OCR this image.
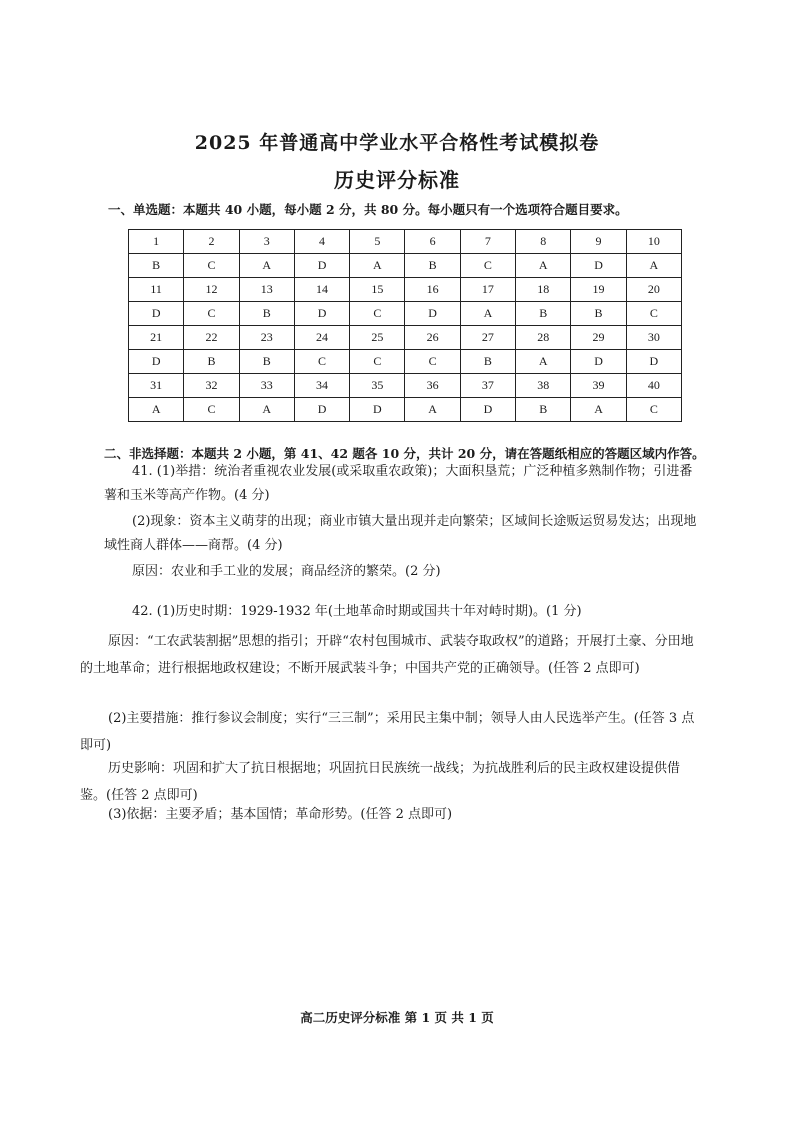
2025 年普通高中学业水平合格性考试模拟卷
历史评分标准
一、单选题：本题共 40 小题，每小题 2 分，共 80 分。每小题只有一个选项符合题目要求。
1	2	3	4	5	6	7	8	9	10
B	C	A	D	A	B	C	A	D	A
11	12	13	14	15	16	17	18	19	20
D	C	B	D	C	D	A	B	B	C
21	22	23	24	25	26	27	28	29	30
D	B	B	C	C	C	B	A	D	D
31	32	33	34	35	36	37	38	39	40
A	C	A	D	D	A	D	B	A	C
二、非选择题：本题共 2 小题，第 41、42 题各 10 分，共计 20 分，请在答题纸相应的答题区域内作答。
41. (1)举措：统治者重视农业发展(或采取重农政策)；大面积垦荒；广泛种植多熟制作物；引进番薯和玉米等高产作物。(4 分)
(2)现象：资本主义萌芽的出现；商业市镇大量出现并走向繁荣；区域间长途贩运贸易发达；出现地域性商人群体——商帮。(4 分)
原因：农业和手工业的发展；商品经济的繁荣。(2 分)
42. (1)历史时期：1929-1932 年(土地革命时期或国共十年对峙时期)。(1 分)
原因：“工农武装割据”思想的指引；开辟“农村包围城市、武装夺取政权”的道路；开展打土豪、分田地的土地革命；进行根据地政权建设；不断开展武装斗争；中国共产党的正确领导。(任答 2 点即可)
(2)主要措施：推行参议会制度；实行“三三制”；采用民主集中制；领导人由人民选举产生。(任答 3 点即可)
历史影响：巩固和扩大了抗日根据地；巩固抗日民族统一战线；为抗战胜利后的民主政权建设提供借鉴。(任答 2 点即可)
(3)依据：主要矛盾；基本国情；革命形势。(任答 2 点即可)
高二历史评分标准 第 1 页 共 1 页
